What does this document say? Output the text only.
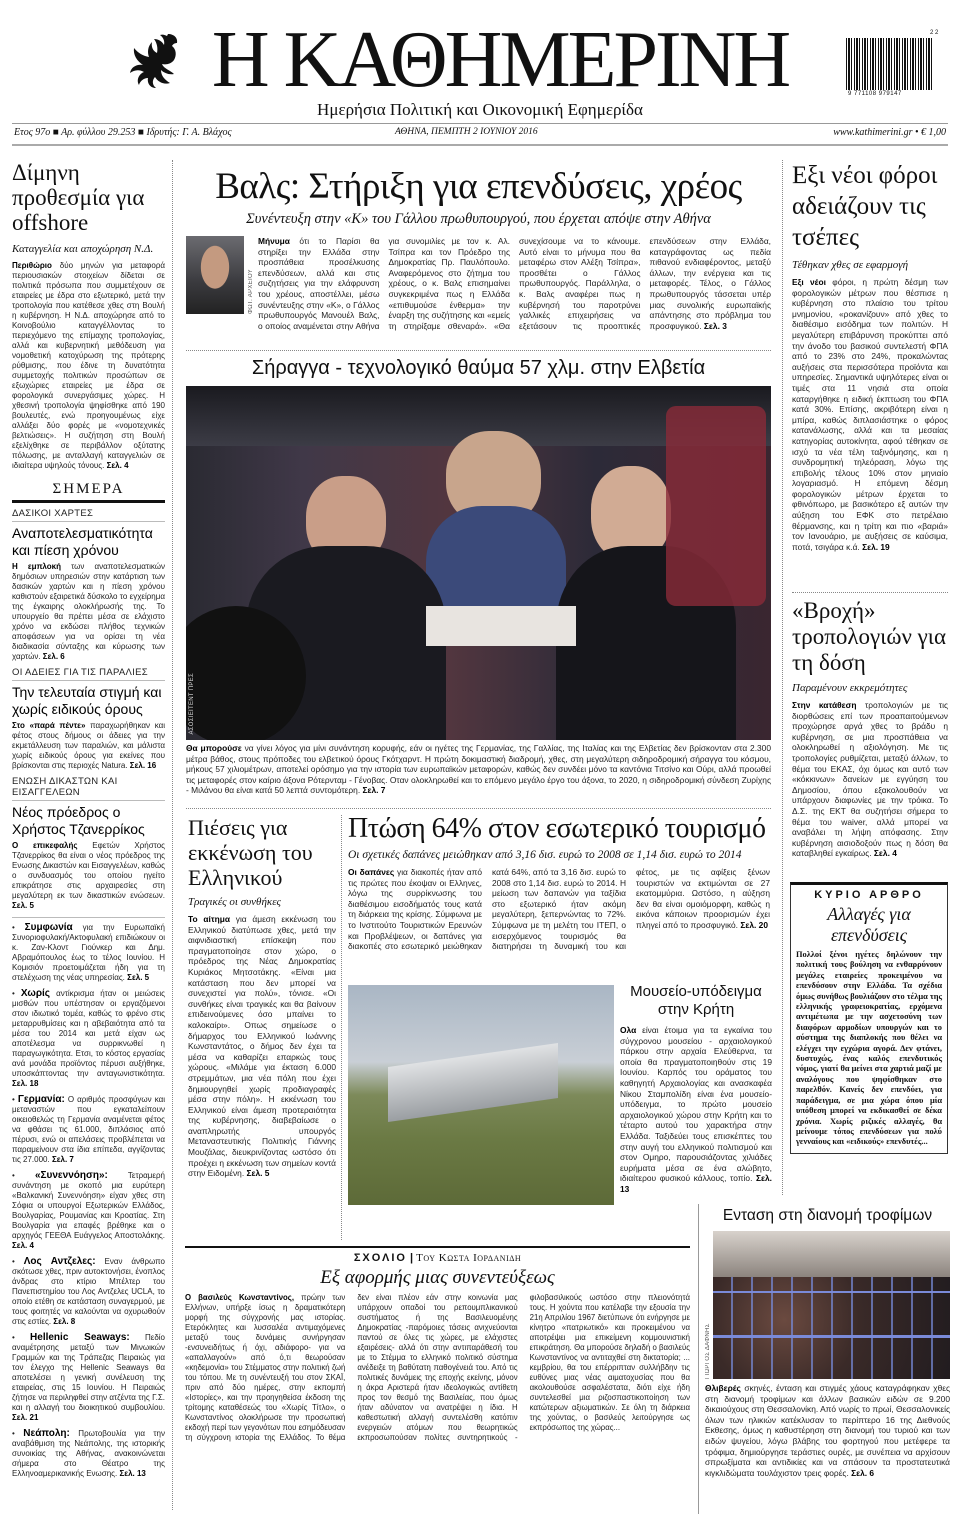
Η ΚΑΘΗΜΕΡΙΝΗ	2 2
9 771108 979147
Ημερήσια Πολιτική και Οικονομική Εφημερίδα
Ετος 97ο ■ Αρ. φύλλου 29.253 ■ Ιδρυτής: Γ. Α. Βλάχος	ΑΘΗΝΑ, ΠΕΜΠΤΗ 2 ΙΟΥΝΙΟΥ 2016	www.kathimerini.gr • € 1,00
Δίμηνη προθεσμία για offshore
Καταγγελία και αποχώρηση Ν.Δ.
Περιθώριο δύο μηνών για μεταφορά περιουσιακών στοιχείων δίδεται σε πολιτικά πρόσωπα που συμμετέχουν σε εταιρείες με έδρα στο εξωτερικό, μετά την τροπολογία που κατέθεσε χθες στη Βουλή η κυβέρνηση. Η Ν.Δ. αποχώρησε από το Κοινοβούλιο καταγγέλλοντας το περιεχόμενο της επίμαχης τροπολογίας, αλλά και κυβερνητική μεθόδευση για νομοθετική κατοχύρωση της πρότερης ρύθμισης, που έδινε τη δυνατότητα συμμετοχής πολιτικών προσώπων σε εξωχώριες εταιρείες με έδρα σε φορολογικά συνεργάσιμες χώρες. Η χθεσινή τροπολογία ψηφίσθηκε από 190 βουλευτές, ενώ προηγουμένως είχε αλλάξει δύο φορές με «νομοτεχνικές βελτιώσεις». Η συζήτηση στη Βουλή εξελίχθηκε σε περιβάλλον οξύτατης πόλωσης, με ανταλλαγή καταγγελιών σε ιδιαίτερα υψηλούς τόνους. Σελ. 4
ΣΗΜΕΡΑ
ΔΑΣΙΚΟΙ ΧΑΡΤΕΣ
Αναποτελεσματικότητα και πίεση χρόνου
Η εμπλοκή των αναποτελεσματικών δημόσιων υπηρεσιών στην κατάρτιση των δασικών χαρτών και η πίεση χρόνου καθιστούν εξαιρετικά δύσκολο το εγχείρημα της έγκαιρης ολοκλήρωσής της. Το υπουργείο θα πρέπει μέσα σε ελάχιστο χρόνο να εκδώσει πλήθος τεχνικών αποφάσεων για να ορίσει τη νέα διαδικασία σύνταξης και κύρωσης των χαρτών. Σελ. 6
ΟΙ ΑΔΕΙΕΣ ΓΙΑ ΤΙΣ ΠΑΡΑΛΙΕΣ
Την τελευταία στιγμή και χωρίς ειδικούς όρους
Στο «παρά πέντε» παραχωρήθηκαν και φέτος στους δήμους οι άδειες για την εκμετάλλευση των παραλιών, και μάλιστα χωρίς ειδικούς όρους για εκείνες που βρίσκονται στις περιοχές Natura. Σελ. 16
ΕΝΩΣΗ ΔΙΚΑΣΤΩΝ ΚΑΙ ΕΙΣΑΓΓΕΛΕΩΝ
Νέος πρόεδρος ο Χρήστος Τζανερρίκος
Ο επικεφαλής Εφετών Χρήστος Τζανερρίκος θα είναι ο νέος πρόεδρος της Ενωσης Δικαστών και Εισαγγελέων, καθώς ο συνδυασμός του οποίου ηγείτο επικράτησε στις αρχαιρεσίες στη μεγαλύτερη εκ των δικαστικών ενώσεων. Σελ. 5
• Συμφωνία για την Ευρωπαϊκή Συνοριοφυλακή/Ακτοφυλακή επιδιώκουν οι κ. Ζαν-Κλοντ Γιούνκερ και Δημ. Αβραμόπουλος έως το τέλος Ιουνίου. Η Κομισιόν προετοιμάζεται ήδη για τη στελέχωση της νέας υπηρεσίας. Σελ. 5
• Χωρίς αντίκρισμα ήταν οι μειώσεις μισθών που υπέστησαν οι εργαζόμενοι στον ιδιωτικό τομέα, καθώς το φρένο στις μεταρρυθμίσεις και η αβεβαιότητα από τα μέσα του 2014 και μετά είχαν ως αποτέλεσμα να συρρικνωθεί η παραγωγικότητα. Ετσι, το κόστος εργασίας ανά μονάδα προϊόντος πέρυσι αυξήθηκε, υποσκάπτοντας την ανταγωνιστικότητα. Σελ. 18
• Γερμανία: Ο αριθμός προσφύγων και μεταναστών που εγκαταλείπουν οικειοθελώς τη Γερμανία αναμένεται φέτος να φθάσει τις 61.000, διπλάσιος από πέρυσι, ενώ οι απελάσεις προβλέπεται να παραμείνουν στα ίδια επίπεδα, αγγίζοντας τις 27.000. Σελ. 7
• «Συνεννόηση»: Τετραμερή συνάντηση με σκοπό μια ευρύτερη «Βαλκανική Συνεννόηση» είχαν χθες στη Σόφια οι υπουργοί Εξωτερικών Ελλάδος, Βουλγαρίας, Ρουμανίας και Κροατίας. Στη Βουλγαρία για επαφές βρέθηκε και ο αρχηγός ΓΕΕΘΑ Ευάγγελος Αποστολάκης. Σελ. 4
• Λος Αντζελες: Εναν άνθρωπο σκότωσε χθες, πριν αυτοκτονήσει, ένοπλος άνδρας στο κτίριο Μπέλτερ του Πανεπιστημίου του Λος Αντζελες UCLA, το οποίο ετέθη σε κατάσταση συναγερμού, με τους φοιτητές να καλούνται να οχυρωθούν στις εστίες. Σελ. 8
• Hellenic Seaways: Πεδίο αναμέτρησης μεταξύ των Μινωικών Γραμμών και της Τράπεζας Πειραιώς για τον έλεγχο της Hellenic Seaways θα αποτελέσει η γενική συνέλευση της εταιρείας, στις 15 Ιουνίου. Η Πειραιώς ζήτησε να περιληφθεί στην ατζέντα της Γ.Σ. και η αλλαγή του διοικητικού συμβουλίου. Σελ. 21
• Νεάπολη: Πρωτοβουλία για την αναβάθμιση της Νεάπολης, της ιστορικής συνοικίας της Αθήνας, ανακοινώνεται σήμερα στο Θέατρο της Ελληνοαμερικανικής Ενωσης. Σελ. 13
Βαλς: Στήριξη για επενδύσεις, χρέος
Συνέντευξη στην «Κ» του Γάλλου πρωθυπουργού, που έρχεται απόψε στην Αθήνα
ΦΩΤ. ΑΡΧΕΙΟΥ
Μήνυμα ότι το Παρίσι θα στηρίξει την Ελλάδα στην προσπάθεια προσέλκυσης επενδύσεων, αλλά και στις συζητήσεις για την ελάφρυνση του χρέους, αποστέλλει, μέσω συνέντευξης στην «Κ», ο Γάλλος πρωθυπουργός Μανουέλ Βαλς, ο οποίος αναμένεται στην Αθήνα για συνομιλίες με τον κ. Αλ. Τσίπρα και τον Πρόεδρο της Δημοκρατίας Πρ. Παυλόπουλο. Αναφερόμενος στο ζήτημα του χρέους, ο κ. Βαλς επισημαίνει συγκεκριμένα πως η Ελλάδα «επιθυμούσε ένθερμα» την έναρξη της συζήτησης και «εμείς τη στηρίξαμε σθεναρά». «Θα συνεχίσουμε να το κάνουμε. Αυτό είναι το μήνυμα που θα μεταφέρω στον Αλέξη Τσίπρα», προσθέτει ο Γάλλος πρωθυπουργός. Παράλληλα, ο κ. Βαλς αναφέρει πως η κυβέρνησή του παροτρύνει γαλλικές επιχειρήσεις να εξετάσουν τις προοπτικές επενδύσεων στην Ελλάδα, καταγράφοντας ως πεδία πιθανού ενδιαφέροντος, μεταξύ άλλων, την ενέργεια και τις μεταφορές. Τέλος, ο Γάλλος πρωθυπουργός τάσσεται υπέρ μιας συνολικής ευρωπαϊκής απάντησης στο πρόβλημα του προσφυγικού. Σελ. 3
Σήραγγα - τεχνολογικό θαύμα 57 χλμ. στην Ελβετία
ΑΣΟΣΙΕΪΤΕΝΤ ΠΡΕΣ
Θα μπορούσε να γίνει λόγος για μίνι συνάντηση κορυφής, εάν οι ηγέτες της Γερμανίας, της Γαλλίας, της Ιταλίας και της Ελβετίας δεν βρίσκονταν στα 2.300 μέτρα βάθος, στους πρόποδες του ελβετικού όρους Γκότχαρντ. Η πρώτη δοκιμαστική διαδρομή, χθες, στη μεγαλύτερη σιδηροδρομική σήραγγα του κόσμου, μήκους 57 χιλιομέτρων, αποτελεί ορόσημο για την ιστορία των ευρωπαϊκών μεταφορών, καθώς δεν συνδέει μόνο τα καντόνια Τιτσίνο και Ούρι, αλλά προωθεί τις μεταφορές στον καίριο άξονα Ρότερνταμ - Γένοβας. Οταν ολοκληρωθεί και το επόμενο μεγάλο έργο του άξονα, το 2020, η σιδηροδρομική σύνδεση Ζυρίχης - Μιλάνου θα είναι κατά 50 λεπτά συντομότερη. Σελ. 7
Πιέσεις για εκκένωση του Ελληνικού
Τραγικές οι συνθήκες
Το αίτημα για άμεση εκκένωση του Ελληνικού διατύπωσε χθες, μετά την αιφνιδιαστική επίσκεψη που πραγματοποίησε στον χώρο, ο πρόεδρος της Νέας Δημοκρατίας Κυριάκος Μητσοτάκης. «Είναι μια κατάσταση που δεν μπορεί να συνεχιστεί για πολύ», τόνισε. «Οι συνθήκες είναι τραγικές και θα βαίνουν επιδεινούμενες όσο μπαίνει το καλοκαίρι». Οπως σημείωσε ο δήμαρχος του Ελληνικού Ιωάννης Κωνσταντάτος, ο δήμος δεν έχει τα μέσα να καθαρίζει επαρκώς τους χώρους. «Μιλάμε για έκταση 6.000 στρεμμάτων, μια νέα πόλη που έχει δημιουργηθεί χωρίς προδιαγραφές μέσα στην πόλη». Η εκκένωση του Ελληνικού είναι άμεση προτεραιότητα της κυβέρνησης, διαβεβαίωσε ο αναπληρωτής υπουργός Μεταναστευτικής Πολιτικής Γιάννης Μουζάλας, διευκρινίζοντας ωστόσο ότι προέχει η εκκένωση των σημείων κοντά στην Ειδομένη. Σελ. 5
Πτώση 64% στον εσωτερικό τουρισμό
Οι σχετικές δαπάνες μειώθηκαν από 3,16 δισ. ευρώ το 2008 σε 1,14 δισ. ευρώ το 2014
Οι δαπάνες για διακοπές ήταν από τις πρώτες που έκοψαν οι Ελληνες, λόγω της συρρίκνωσης του διαθέσιμου εισοδήματός τους κατά τη διάρκεια της κρίσης. Σύμφωνα με το Ινστιτούτο Τουριστικών Ερευνών και Προβλέψεων, οι δαπάνες για διακοπές στο εσωτερικό μειώθηκαν κατά 64%, από τα 3,16 δισ. ευρώ το 2008 στο 1,14 δισ. ευρώ το 2014. Η μείωση των δαπανών για ταξίδια στο εξωτερικό ήταν ακόμη μεγαλύτερη, ξεπερνώντας το 72%. Σύμφωνα με τη μελέτη του ΙΤΕΠ, ο εισερχόμενος τουρισμός θα διατηρήσει τη δυναμική του και φέτος, με τις αφίξεις ξένων τουριστών να εκτιμώνται σε 27 εκατομμύρια. Ωστόσο, η αύξηση δεν θα είναι ομοιόμορφη, καθώς η εικόνα κάποιων προορισμών έχει πληγεί από το προσφυγικό. Σελ. 20
Μουσείο-υπόδειγμα στην Κρήτη
Ολα είναι έτοιμα για τα εγκαίνια του σύγχρονου μουσείου - αρχαιολογικού πάρκου στην αρχαία Ελεύθερνα, τα οποία θα πραγματοποιηθούν στις 19 Ιουνίου. Καρπός του οράματος του καθηγητή Αρχαιολογίας και ανασκαφέα Νίκου Σταμπολίδη είναι ένα μουσείο-υπόδειγμα, το πρώτο μουσείο αρχαιολογικού χώρου στην Κρήτη και το τέταρτο αυτού του χαρακτήρα στην Ελλάδα. Ταξιδεύει τους επισκέπτες του στην αυγή του ελληνικού πολιτισμού και στον Ομηρο, παρουσιάζοντας χιλιάδες ευρήματα μέσα σε ένα αλώβητο, ιδιαίτερου φυσικού κάλλους, τοπίο. Σελ. 13
ΣΧΟΛΙΟ | Του Κωστα Ιορδανιδη
Εξ αφορμής μιας συνεντεύξεως
Ο βασιλεύς Κωνσταντίνος, πρώην των Ελλήνων, υπήρξε ίσως η δραματικότερη μορφή της σύγχρονής μας ιστορίας. Ετερόκλητες και λυσσαλέα αντιμαχόμενες μεταξύ τους δυνάμεις συνήργησαν -ενσυνειδήτως ή όχι, αδιάφορο- για να «απαλλαγούν» από ό,τι θεωρούσαν «κηδεμονία» του Στέμματος στην πολιτική ζωή του τόπου. Με τη συνέντευξή του στον ΣΚΑΪ, πριν από δύο ημέρες, στην εκπομπή «Ιστορίες», και την προηγηθείσα έκδοση της τρίτομης καταθέσεώς του «Χωρίς Τίτλο», ο Κωνσταντίνος ολοκλήρωσε την προσωπική εκδοχή περί των γεγονότων που εσημόδευσαν τη σύγχρονη ιστορία της Ελλάδος. Το θέμα δεν είναι πλέον εάν στην κοινωνία μας υπάρχουν οπαδοί του ρεπουμπλικανικού συστήματος ή της Βασιλευομένης Δημοκρατίας -παρόμοιες τάσεις ανιχνεύονται παντού σε όλες τις χώρες, με ελάχιστες εξαιρέσεις- αλλά ότι στην αντιπαράθεσή του με το Στέμμα το ελληνικό πολιτικό σύστημα ανέδειξε τη βαθύτατη παθογένειά του. Από τις πολιτικές δυνάμεις της εποχής εκείνης, μόνον η άκρα Αριστερά ήταν ιδεολογικώς αντίθετη προς τον θεσμό της Βασιλείας, που όμως ήταν αδύνατον να ανατρέψει η ίδια. Η καθεστωτική αλλαγή συντελέσθη κατόπιν ενεργειών ατόμων που θεωρητικώς εκπροσωπούσαν πολίτες συντηρητικούς - φιλοβασιλικούς ωστόσο στην πλειονότητά τους. Η χούντα που κατέλαβε την εξουσία την 21η Απριλίου 1967 διετύπωνε ότι ενήργησε με κίνητρο «πατριωτικό» και προκειμένου να αποτρέψει μια επικείμενη κομμουνιστική επικράτηση. Θα μπορούσε δηλαδή ο βασιλεύς Κωνσταντίνος να αντιταχθεί στη δικτατορία; ... κεμβρίου, θα του επέρριπταν συλλήβδην τις ευθύνες μιας νέας αιματοχυσίας που θα ακολουθούσε ασφαλέστατα, διότι είχε ήδη συντελεσθεί μια ριζοσπαστικοποίηση των κατώτερων αξιωματικών. Σε όλη τη διάρκεια της χούντας, ο βασιλεύς λειτούργησε ως εκπρόσωπος της χώρας...
Εξι νέοι φόροι αδειάζουν τις τσέπες
Τέθηκαν χθες σε εφαρμογή
Εξι νέοι φόροι, η πρώτη δέσμη των φορολογικών μέτρων που θέσπισε η κυβέρνηση στο πλαίσιο του τρίτου μνημονίου, «ροκανίζουν» από χθες το διαθέσιμο εισόδημα των πολιτών. Η μεγαλύτερη επιβάρυνση προκύπτει από την άνοδο του βασικού συντελεστή ΦΠΑ από το 23% στο 24%, προκαλώντας αυξήσεις στα περισσότερα προϊόντα και υπηρεσίες. Σημαντικά υψηλότερες είναι οι τιμές στα 11 νησιά στα οποία καταργήθηκε η ειδική έκπτωση του ΦΠΑ κατά 30%. Επίσης, ακριβότερη είναι η μπίρα, καθώς διπλασιάστηκε ο φόρος κατανάλωσης, αλλά και τα μεσαίας κατηγορίας αυτοκίνητα, αφού τέθηκαν σε ισχύ τα νέα τέλη ταξινόμησης, και η συνδρομητική τηλεόραση, λόγω της επιβολής τέλους 10% στον μηνιαίο λογαριασμό. Η επόμενη δέσμη φορολογικών μέτρων έρχεται το φθινόπωρο, με βασικότερο εξ αυτών την αύξηση του ΕΦΚ στο πετρέλαιο θέρμανσης, και η τρίτη και πιο «βαριά» τον Ιανουάριο, με αυξήσεις σε καύσιμα, ποτά, τσιγάρα κ.ά. Σελ. 19
«Βροχή» τροπολογιών για τη δόση
Παραμένουν εκκρεμότητες
Στην κατάθεση τροπολογιών με τις διορθώσεις επί των προαπαιτούμενων προχώρησε αργά χθες το βράδυ η κυβέρνηση, σε μια προσπάθεια να ολοκληρωθεί η αξιολόγηση. Με τις τροπολογίες ρυθμίζεται, μεταξύ άλλων, το θέμα του ΕΚΑΣ, όχι όμως και αυτό των «κόκκινων» δανείων με εγγύηση του Δημοσίου, όπου εξακολουθούν να υπάρχουν διαφωνίες με την τρόικα. Το Δ.Σ. της ΕΚΤ θα συζητήσει σήμερα το θέμα του waiver, αλλά μπορεί να αναβάλει τη λήψη απόφασης. Στην κυβέρνηση αισιοδοξούν πως η δόση θα καταβληθεί εγκαίρως. Σελ. 4
ΚΥΡΙΟ ΑΡΘΡΟ
Αλλαγές για επενδύσεις
Πολλοί ξένοι ηγέτες δηλώνουν την πολιτική τους βούληση να ενθαρρύνουν μεγάλες εταιρείες προκειμένου να επενδύσουν στην Ελλάδα. Τα σχέδια όμως συνήθως βουλιάζουν στο τέλμα της ελληνικής γραφειοκρατίας, ερχόμενα αντιμέτωπα με την ασχετοσύνη των διαφόρων αρμοδίων υπουργών και το σύστημα της διαπλοκής που θέλει να ελέγχει την εγχώρια αγορά. Δεν φτάνει, δυστυχώς, ένας καλός επενδυτικός νόμος, γιατί θα μείνει στα χαρτιά μαζί με αναλόγους που ψηφίσθηκαν στο παρελθόν. Κανείς δεν επενδύει, για παράδειγμα, σε μια χώρα όπου μία υπόθεση μπορεί να εκδικασθεί σε δέκα χρόνια. Χωρίς ριζικές αλλαγές, θα μείνουμε τόπος επενδύσεων για πολύ γενναίους και «ειδικούς» επενδυτές...
Ενταση στη διανομή τροφίμων
ΓΙΩΡΓΟΣ ΔΑΦΝΗΣ
Θλιβερές σκηνές, ένταση και στιγμές χάους καταγράφηκαν χθες στη διανομή τροφίμων και άλλων βασικών ειδών σε 9.200 δικαιούχους στη Θεσσαλονίκη. Από νωρίς το πρωί, Θεσσαλονικείς όλων των ηλικιών κατέκλυσαν το περίπτερο 16 της Διεθνούς Εκθεσης, όμως η καθυστέρηση στη διανομή του τυριού και των ειδών ψυγείου, λόγω βλάβης του φορτηγού που μετέφερε τα τρόφιμα, δημιούργησε τεράστιες ουρές, με συνέπεια να αρχίσουν σπρωξίματα και αντιδικίες και να σπάσουν τα προστατευτικά κιγκλιδώματα τουλάχιστον τρεις φορές. Σελ. 6
